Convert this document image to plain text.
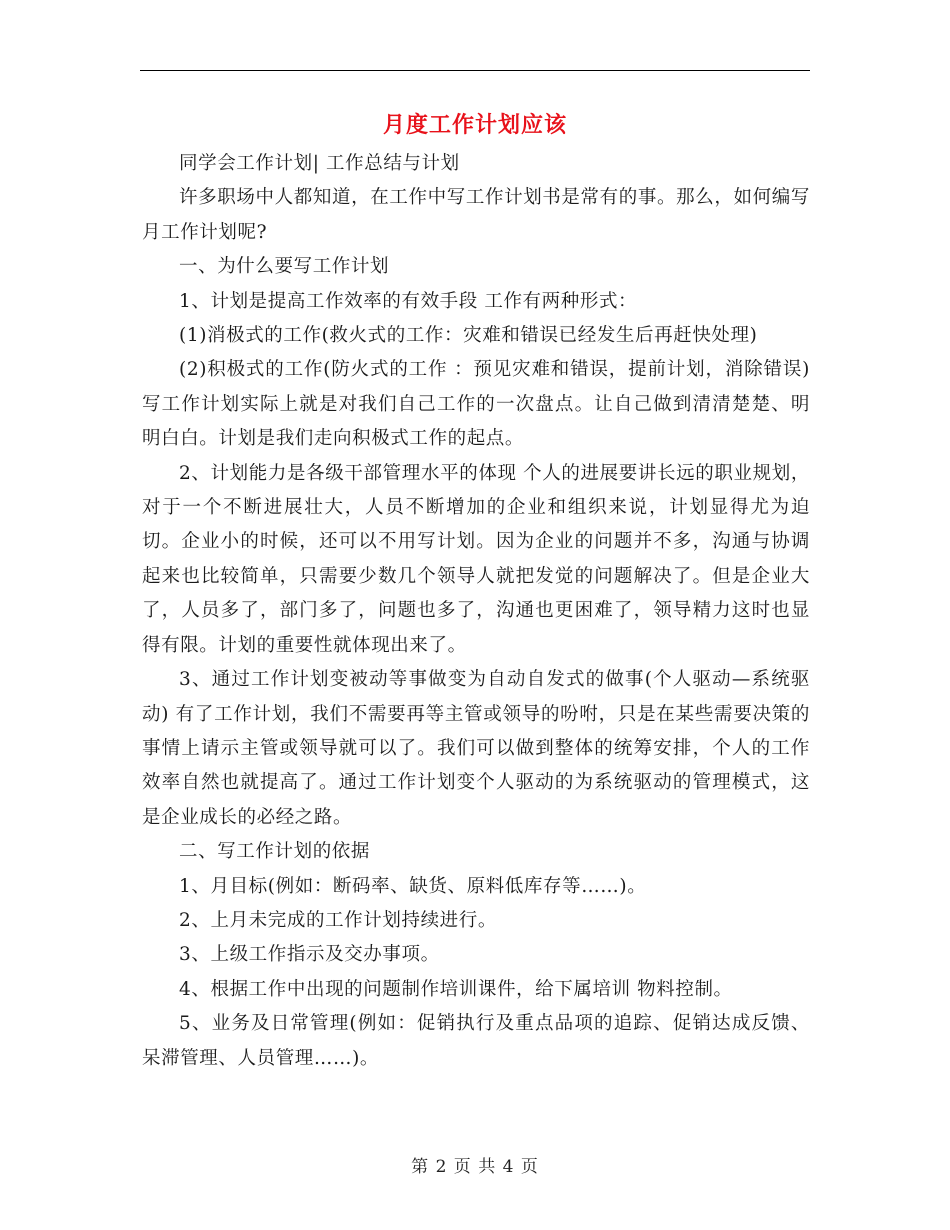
月度工作计划应该

同学会工作计划| 工作总结与计划

许多职场中人都知道，在工作中写工作计划书是常有的事。那么，如何编写月工作计划呢?

一、为什么要写工作计划

1、计划是提高工作效率的有效手段 工作有两种形式：

(1)消极式的工作(救火式的工作：灾难和错误已经发生后再赶快处理)

(2)积极式的工作(防火式的工作 ：预见灾难和错误，提前计划，消除错误) 写工作计划实际上就是对我们自己工作的一次盘点。让自己做到清清楚楚、明明白白。计划是我们走向积极式工作的起点。

2、计划能力是各级干部管理水平的体现 个人的进展要讲长远的职业规划，对于一个不断进展壮大，人员不断增加的企业和组织来说，计划显得尤为迫切。企业小的时候，还可以不用写计划。因为企业的问题并不多，沟通与协调起来也比较简单，只需要少数几个领导人就把发觉的问题解决了。但是企业大了，人员多了，部门多了，问题也多了，沟通也更困难了，领导精力这时也显得有限。计划的重要性就体现出来了。

3、通过工作计划变被动等事做变为自动自发式的做事(个人驱动—系统驱动) 有了工作计划，我们不需要再等主管或领导的吩咐，只是在某些需要决策的事情上请示主管或领导就可以了。我们可以做到整体的统筹安排，个人的工作效率自然也就提高了。通过工作计划变个人驱动的为系统驱动的管理模式，这是企业成长的必经之路。

二、写工作计划的依据

1、月目标(例如：断码率、缺货、原料低库存等……)。

2、上月未完成的工作计划持续进行。

3、上级工作指示及交办事项。

4、根据工作中出现的问题制作培训课件，给下属培训 物料控制。

5、业务及日常管理(例如：促销执行及重点品项的追踪、促销达成反馈、呆滞管理、人员管理……)。

第 2 页 共 4 页
